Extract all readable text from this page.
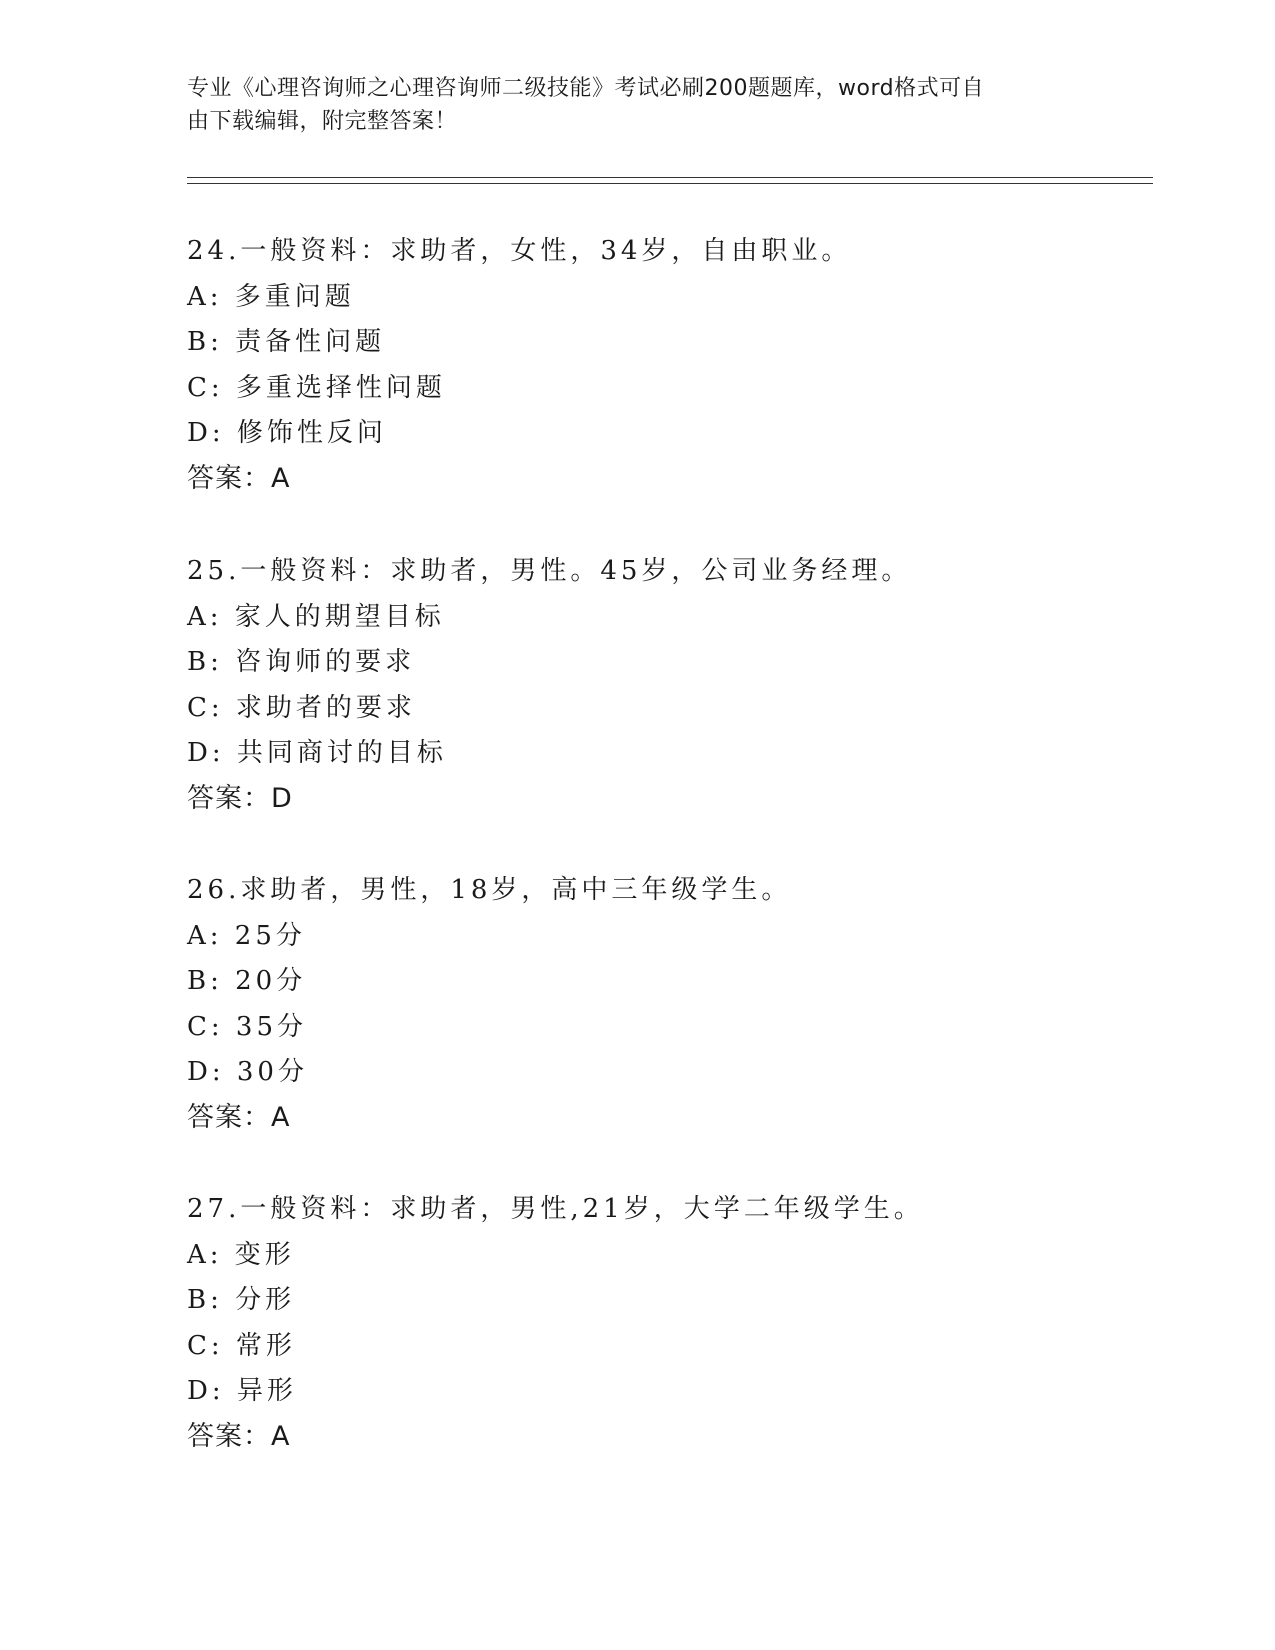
专业《心理咨询师之心理咨询师二级技能》考试必刷200题题库，word格式可自
由下载编辑，附完整答案！
24.一般资料：求助者，女性，34岁，自由职业。
A: 多重问题
B: 责备性问题
C: 多重选择性问题
D: 修饰性反问
答案：A
25.一般资料：求助者，男性。45岁，公司业务经理。
A: 家人的期望目标
B: 咨询师的要求
C: 求助者的要求
D: 共同商讨的目标
答案：D
26.求助者，男性，18岁，高中三年级学生。
A: 25分
B: 20分
C: 35分
D: 30分
答案：A
27.一般资料：求助者，男性,21岁，大学二年级学生。
A: 变形
B: 分形
C: 常形
D: 异形
答案：A
